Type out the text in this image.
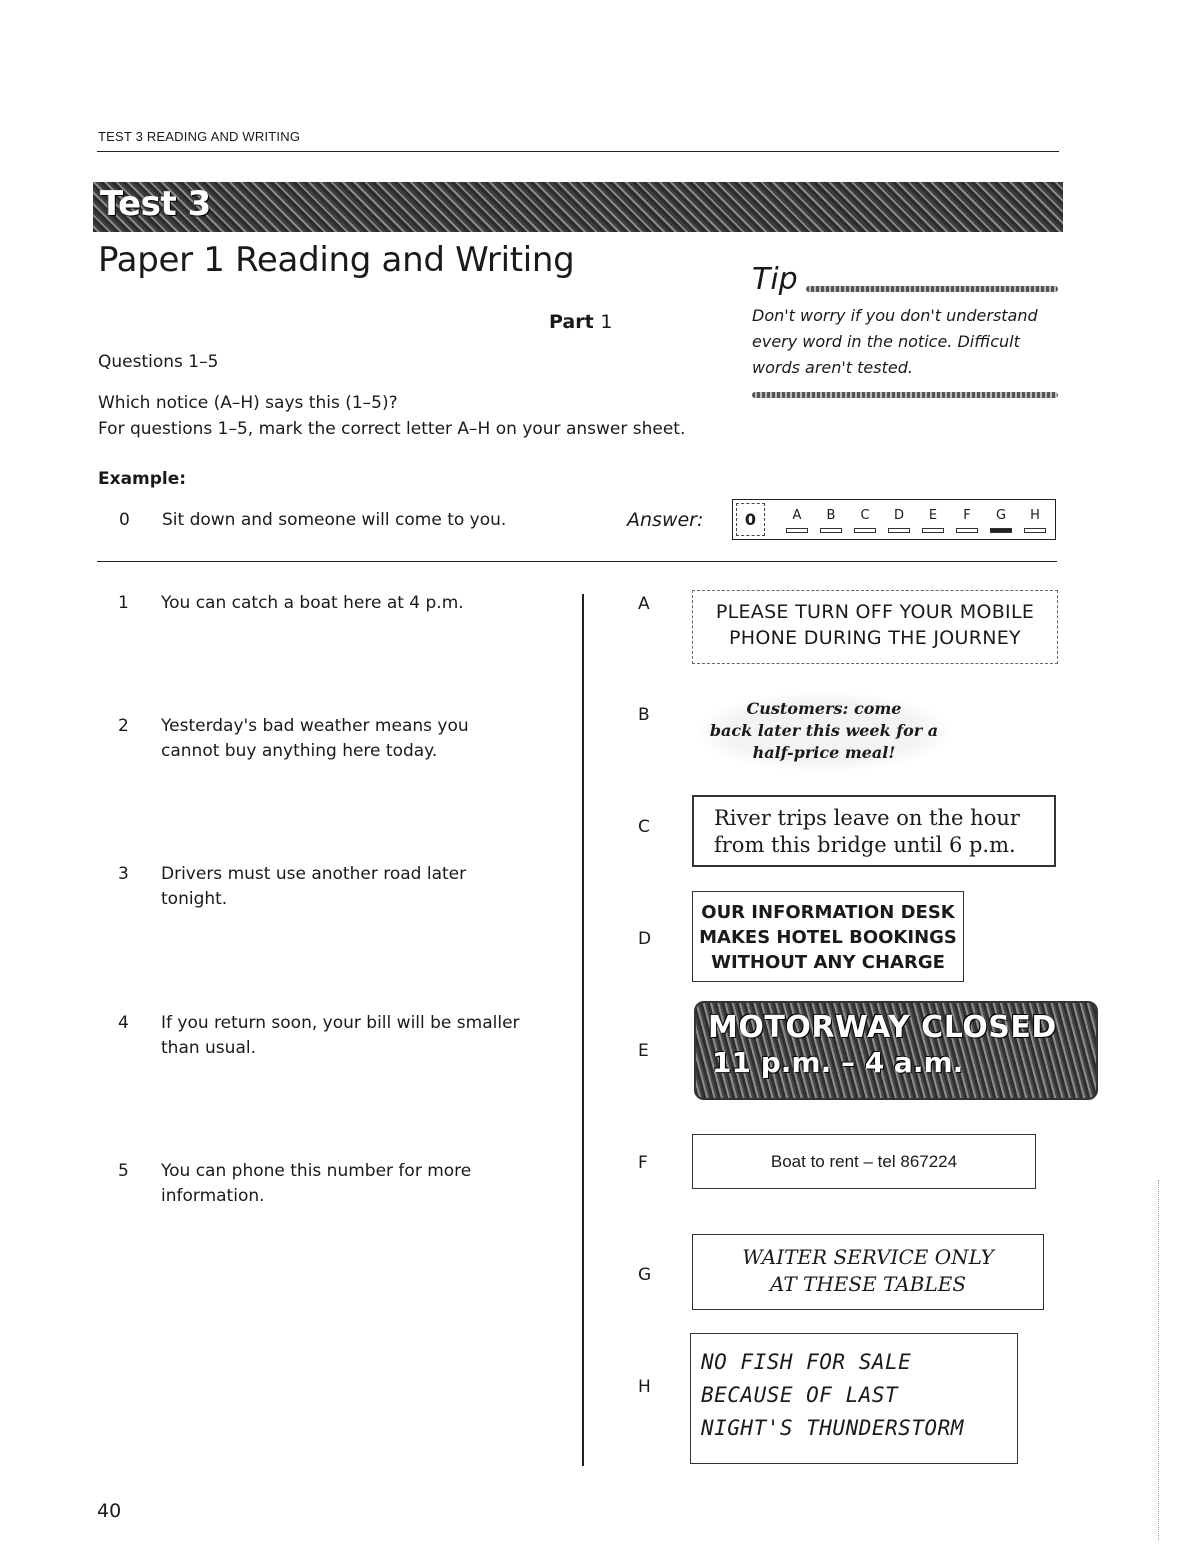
TEST 3 READING AND WRITING
Test 3
Paper 1 Reading and Writing
Part 1
Tip
Don't worry if you don't understand every word in the notice. Difficult words aren't tested.
Questions 1–5
Which notice (A–H) says this (1–5)?
For questions 1–5, mark the correct letter A–H on your answer sheet.
Example:
0 Sit down and someone will come to you.	Answer:	0	A	B	C	D	E	F	G	H
1 You can catch a boat here at 4 p.m.
2 Yesterday's bad weather means you cannot buy anything here today.
3 Drivers must use another road later tonight.
4 If you return soon, your bill will be smaller than usual.
5 You can phone this number for more information.
A
B
C
D
E
F
G
H
PLEASE TURN OFF YOUR MOBILE
PHONE DURING THE JOURNEY
Customers: come
back later this week for a
half-price meal!
River trips leave on the hour
from this bridge until 6 p.m.
OUR INFORMATION DESK
MAKES HOTEL BOOKINGS
WITHOUT ANY CHARGE
MOTORWAY CLOSED
11 p.m. – 4 a.m.
Boat to rent – tel 867224
WAITER SERVICE ONLY
AT THESE TABLES
NO FISH FOR SALE
BECAUSE OF LAST
NIGHT'S THUNDERSTORM
40
